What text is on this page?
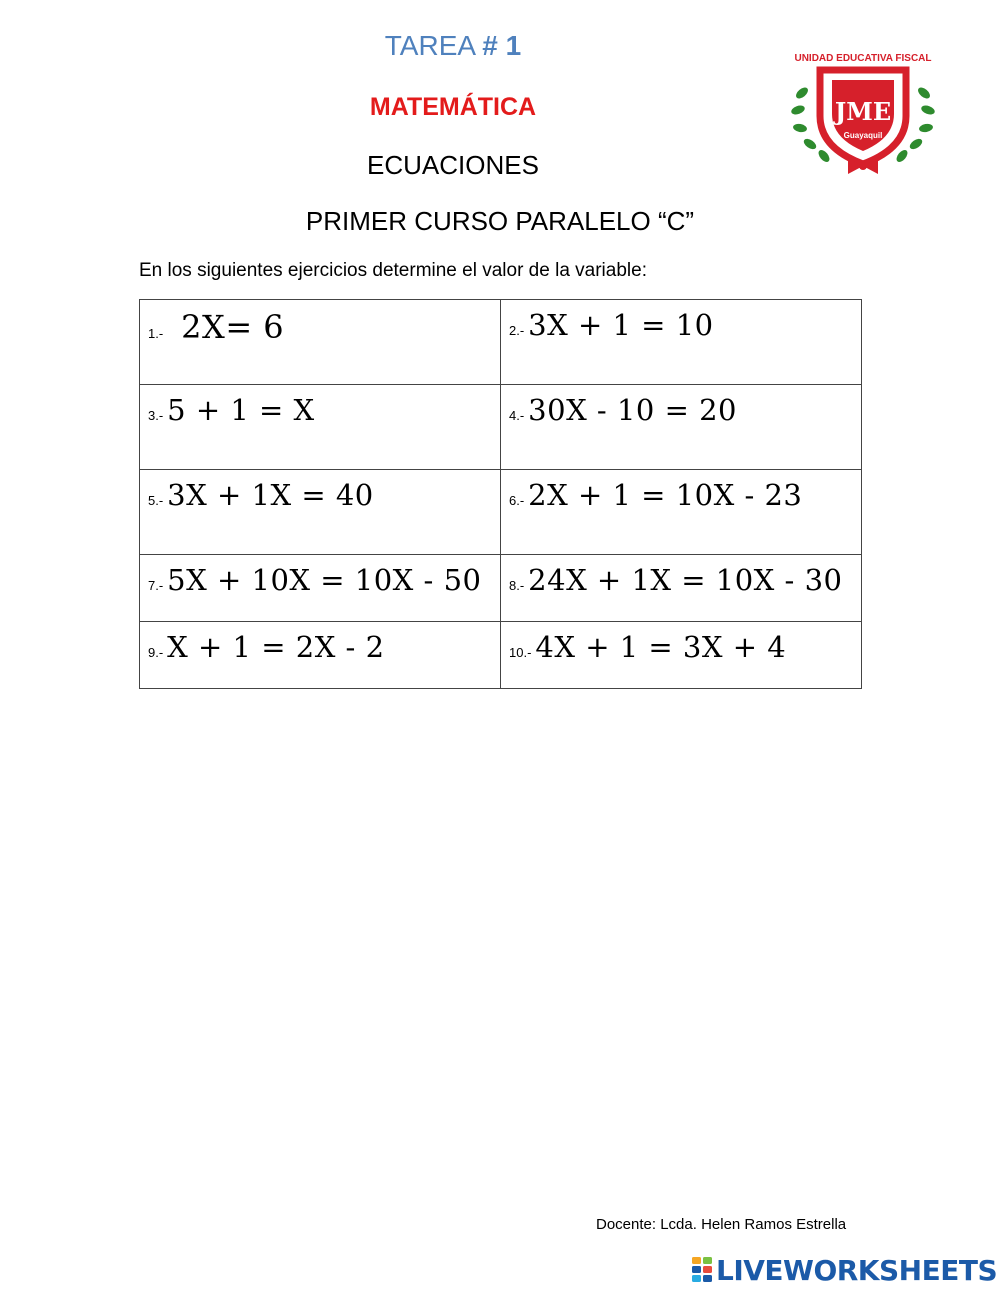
TAREA # 1
MATEMÁTICA
ECUACIONES
PRIMER CURSO PARALELO “C”
UNIDAD EDUCATIVA FISCAL
JME
Guayaquil
En los siguientes ejercicios determine el valor de la variable:
1.- 2X= 6	2.- 3X + 1 = 10
3.- 5 + 1 = X	4.- 30X - 10 = 20
5.- 3X + 1X = 40	6.- 2X + 1 = 10X - 23
7.- 5X + 10X = 10X - 50	8.- 24X + 1X = 10X - 30
9.- X + 1 = 2X - 2	10.- 4X + 1 = 3X + 4
Docente: Lcda. Helen Ramos Estrella
LIVEWORKSHEETS
